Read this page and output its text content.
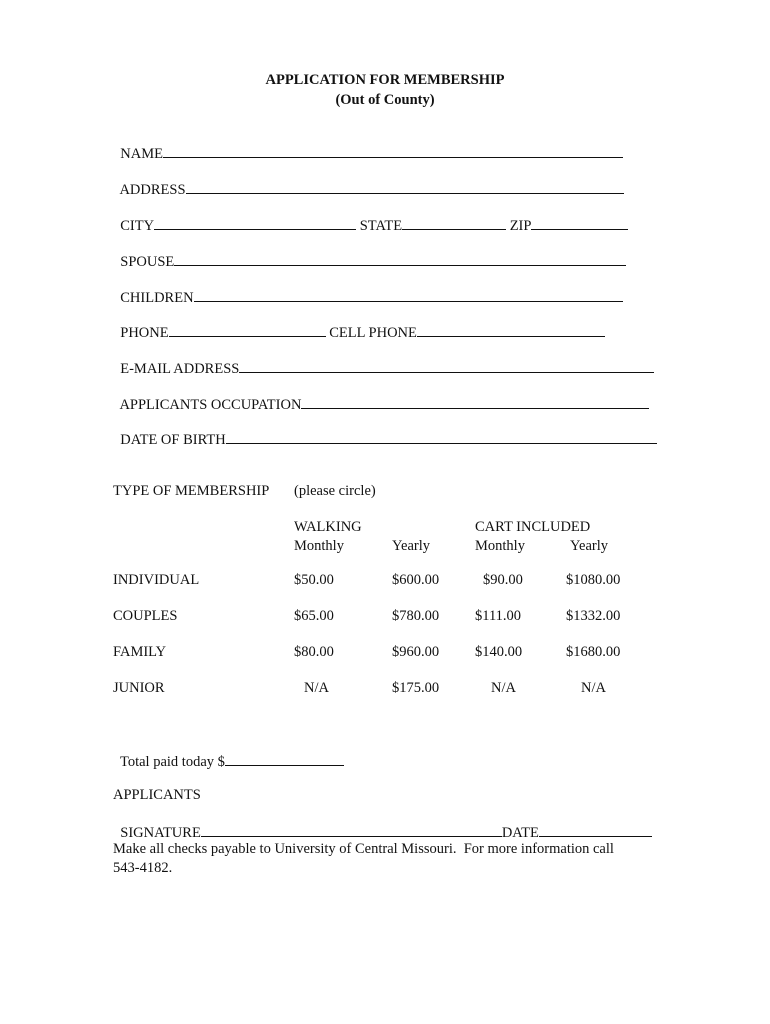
APPLICATION FOR MEMBERSHIP
(Out of County)

NAME

ADDRESS

CITY	STATE	ZIP

SPOUSE

CHILDREN

PHONE	CELL PHONE

E-MAIL ADDRESS

APPLICANTS OCCUPATION

DATE OF BIRTH

TYPE OF MEMBERSHIP (please circle)
WALKING	CART INCLUDED
Monthly	Yearly	Monthly	Yearly
INDIVIDUAL	$50.00	$600.00	$90.00	$1080.00
COUPLES	$65.00	$780.00 $111.00	$1332.00
FAMILY	$80.00	$960.00 $140.00	$1680.00
JUNIOR	N/A	$175.00	N/A	N/A

Total paid today $

APPLICANTS

SIGNATURE	DATE

Make all checks payable to University of Central Missouri.  For more information call
543-4182.
